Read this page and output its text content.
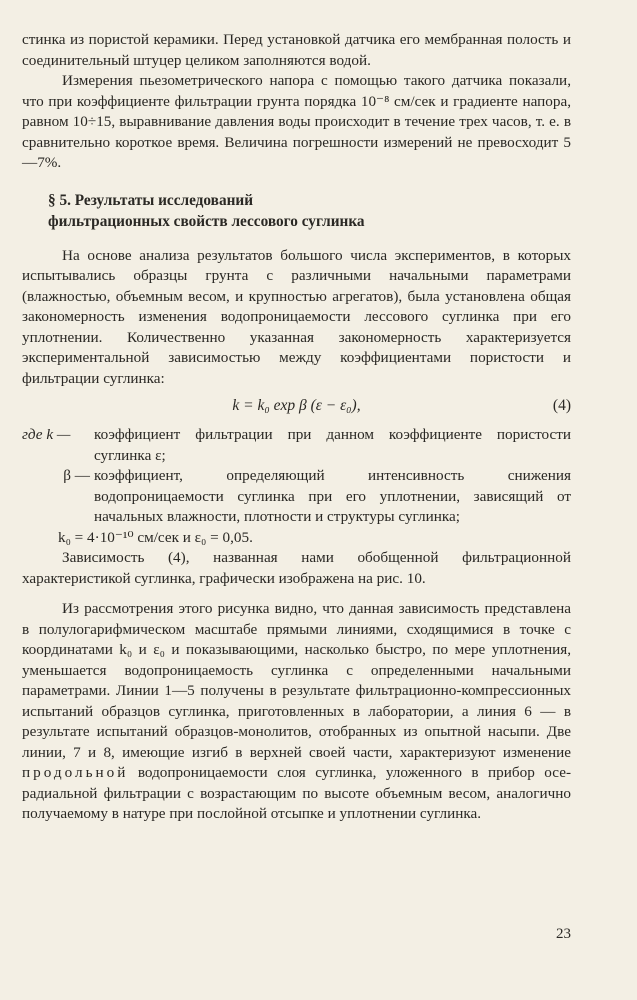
стинка из пористой керамики. Перед установкой датчика его мембранная полость и соединительный штуцер целиком заполняются водой.

Измерения пьезометрического напора с помощью такого датчика показали, что при коэффициенте фильтрации грунта порядка 10⁻⁸ см/сек и градиенте напора, равном 10÷15, выравнивание давления воды происходит в течение трех часов, т. е. в сравнительно короткое время. Величина погрешности измерений не превосходит 5—7%.

§ 5. Результаты исследований
фильтрационных свойств лессового суглинка

На основе анализа результатов большого числа экспериментов, в которых испытывались образцы грунта с различными начальными параметрами (влажностью, объемным весом, и крупностью агрегатов), была установлена общая закономерность изменения водопроницаемости лессового суглинка при его уплотнении. Количественно указанная закономерность характеризуется экспериментальной зависимостью между коэффициентами пористости и фильтрации суглинка:

k = k₀ exp β (ε − ε₀),	(4)
где k —	коэффициент фильтрации при данном коэффициенте пористости суглинка ε;
β — коэффициент, определяющий интенсивность снижения водопроницаемости суглинка при его уплотнении, зависящий от начальных влажности, плотности и структуры суглинка;
k₀ = 4·10⁻¹⁰ см/сек и ε₀ = 0,05.

Зависимость (4), названная нами обобщенной фильтрационной характеристикой суглинка, графически изображена на рис. 10.

Из рассмотрения этого рисунка видно, что данная зависимость представлена в полулогарифмическом масштабе прямыми линиями, сходящимися в точке с координатами k₀ и ε₀ и показывающими, насколько быстро, по мере уплотнения, уменьшается водопроницаемость суглинка с определенными начальными параметрами. Линии 1—5 получены в результате фильтрационно-компрессионных испытаний образцов суглинка, приготовленных в лаборатории, а линия 6 — в результате испытаний образцов-монолитов, отобранных из опытной насыпи. Две линии, 7 и 8, имеющие изгиб в верхней своей части, характеризуют изменение продольной водопроницаемости слоя суглинка, уложенного в прибор осе-радиальной фильтрации с возрастающим по высоте объемным весом, аналогично получаемому в натуре при послойной отсыпке и уплотнении суглинка.

23
